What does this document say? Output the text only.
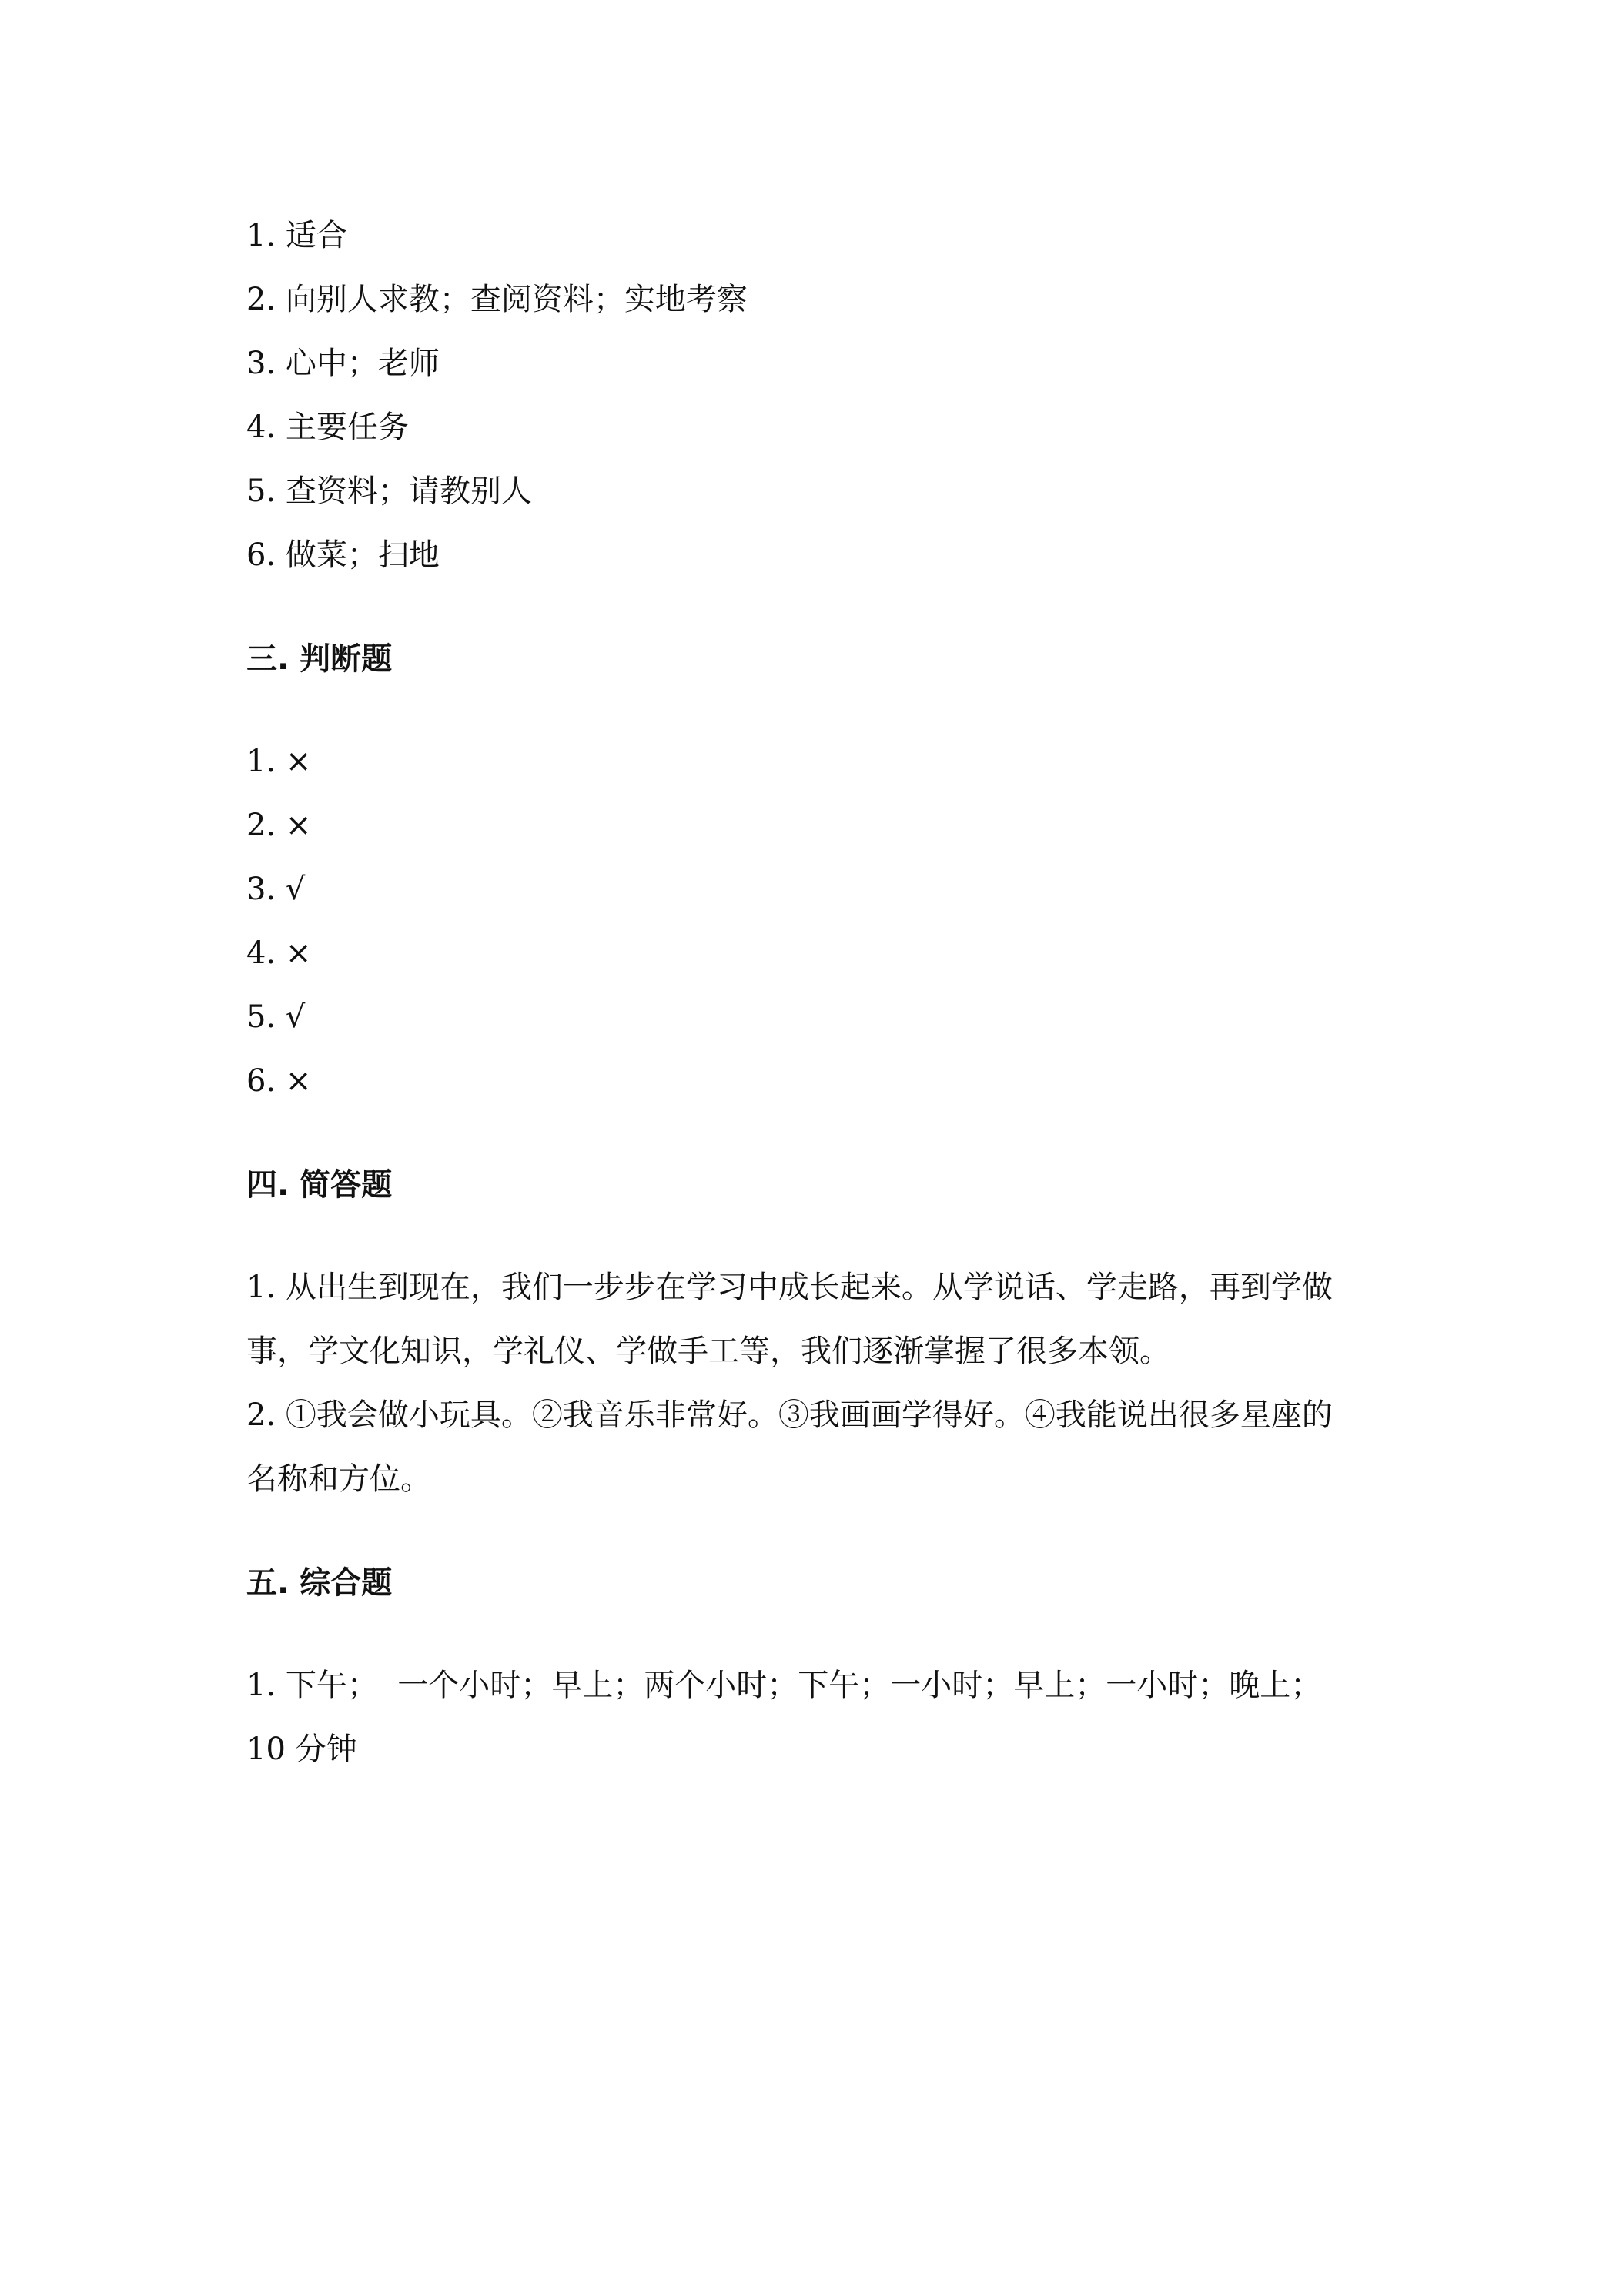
1. 适合
2. 向别人求教；查阅资料；实地考察
3. 心中；老师
4. 主要任务
5. 查资料；请教别人
6. 做菜；扫地
三. 判断题
1. ×
2. ×
3. √
4. ×
5. √
6. ×
四. 简答题
1. 从出生到现在，我们一步步在学习中成长起来。从学说话、学走路，再到学做
事，学文化知识，学礼仪、学做手工等，我们逐渐掌握了很多本领。
2. ①我会做小玩具。②我音乐非常好。③我画画学得好。④我能说出很多星座的
名称和方位。
五. 综合题
1. 下午；  一个小时；早上；两个小时；下午；一小时；早上；一小时；晚上；
10 分钟
